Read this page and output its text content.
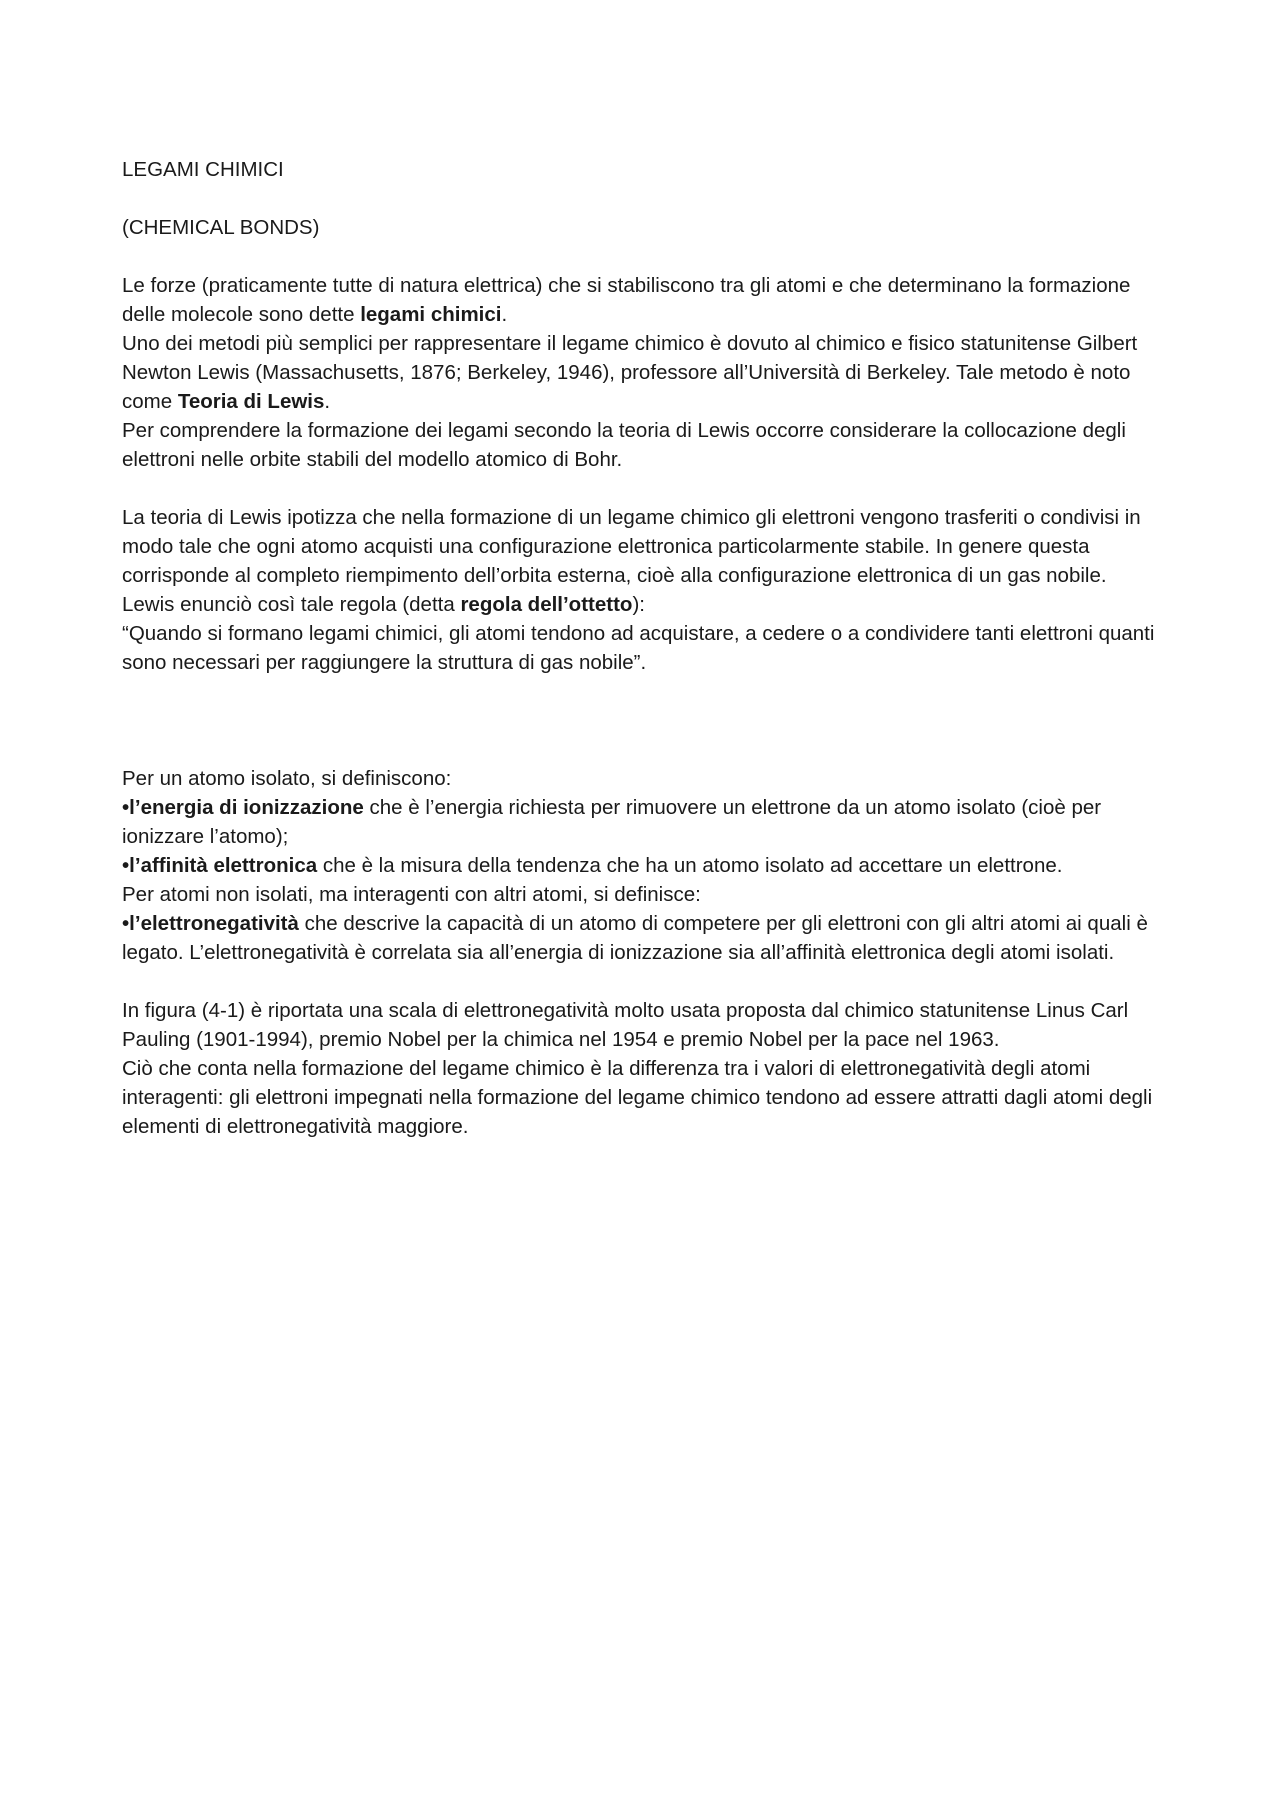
LEGAMI CHIMICI

(CHEMICAL BONDS)

Le forze (praticamente tutte di natura elettrica) che si stabiliscono tra gli atomi e che determinano la formazione delle molecole sono dette legami chimici.

Uno dei metodi più semplici per rappresentare il legame chimico è dovuto al chimico e fisico statunitense Gilbert Newton Lewis (Massachusetts, 1876; Berkeley, 1946), professore all’Università di Berkeley. Tale metodo è noto come Teoria di Lewis.

Per comprendere la formazione dei legami secondo la teoria di Lewis occorre considerare la collocazione degli elettroni nelle orbite stabili del modello atomico di Bohr.

La teoria di Lewis ipotizza che nella formazione di un legame chimico gli elettroni vengono trasferiti o condivisi in modo tale che ogni atomo acquisti una configurazione elettronica particolarmente stabile. In genere questa corrisponde al completo riempimento dell’orbita esterna, cioè alla configurazione elettronica di un gas nobile.

Lewis enunciò così tale regola (detta regola dell’ottetto):

“Quando si formano legami chimici, gli atomi tendono ad acquistare, a cedere o a condividere tanti elettroni quanti sono necessari per raggiungere la struttura di gas nobile”.

Per un atomo isolato, si definiscono:

•l’energia di ionizzazione che è l’energia richiesta per rimuovere un elettrone da un atomo isolato (cioè per ionizzare l’atomo);

•l’affinità elettronica che è la misura della tendenza che ha un atomo isolato ad accettare un elettrone.

Per atomi non isolati, ma interagenti con altri atomi, si definisce:

•l’elettronegatività che descrive la capacità di un atomo di competere per gli elettroni con gli altri atomi ai quali è legato. L’elettronegatività è correlata sia all’energia di ionizzazione sia all’affinità elettronica degli atomi isolati.

In figura (4-1) è riportata una scala di elettronegatività molto usata proposta dal chimico statunitense Linus Carl Pauling (1901-1994), premio Nobel per la chimica nel 1954 e premio Nobel per la pace nel 1963.

Ciò che conta nella formazione del legame chimico è la differenza tra i valori di elettronegatività degli atomi interagenti: gli elettroni impegnati nella formazione del legame chimico tendono ad essere attratti dagli atomi degli elementi di elettronegatività maggiore.
